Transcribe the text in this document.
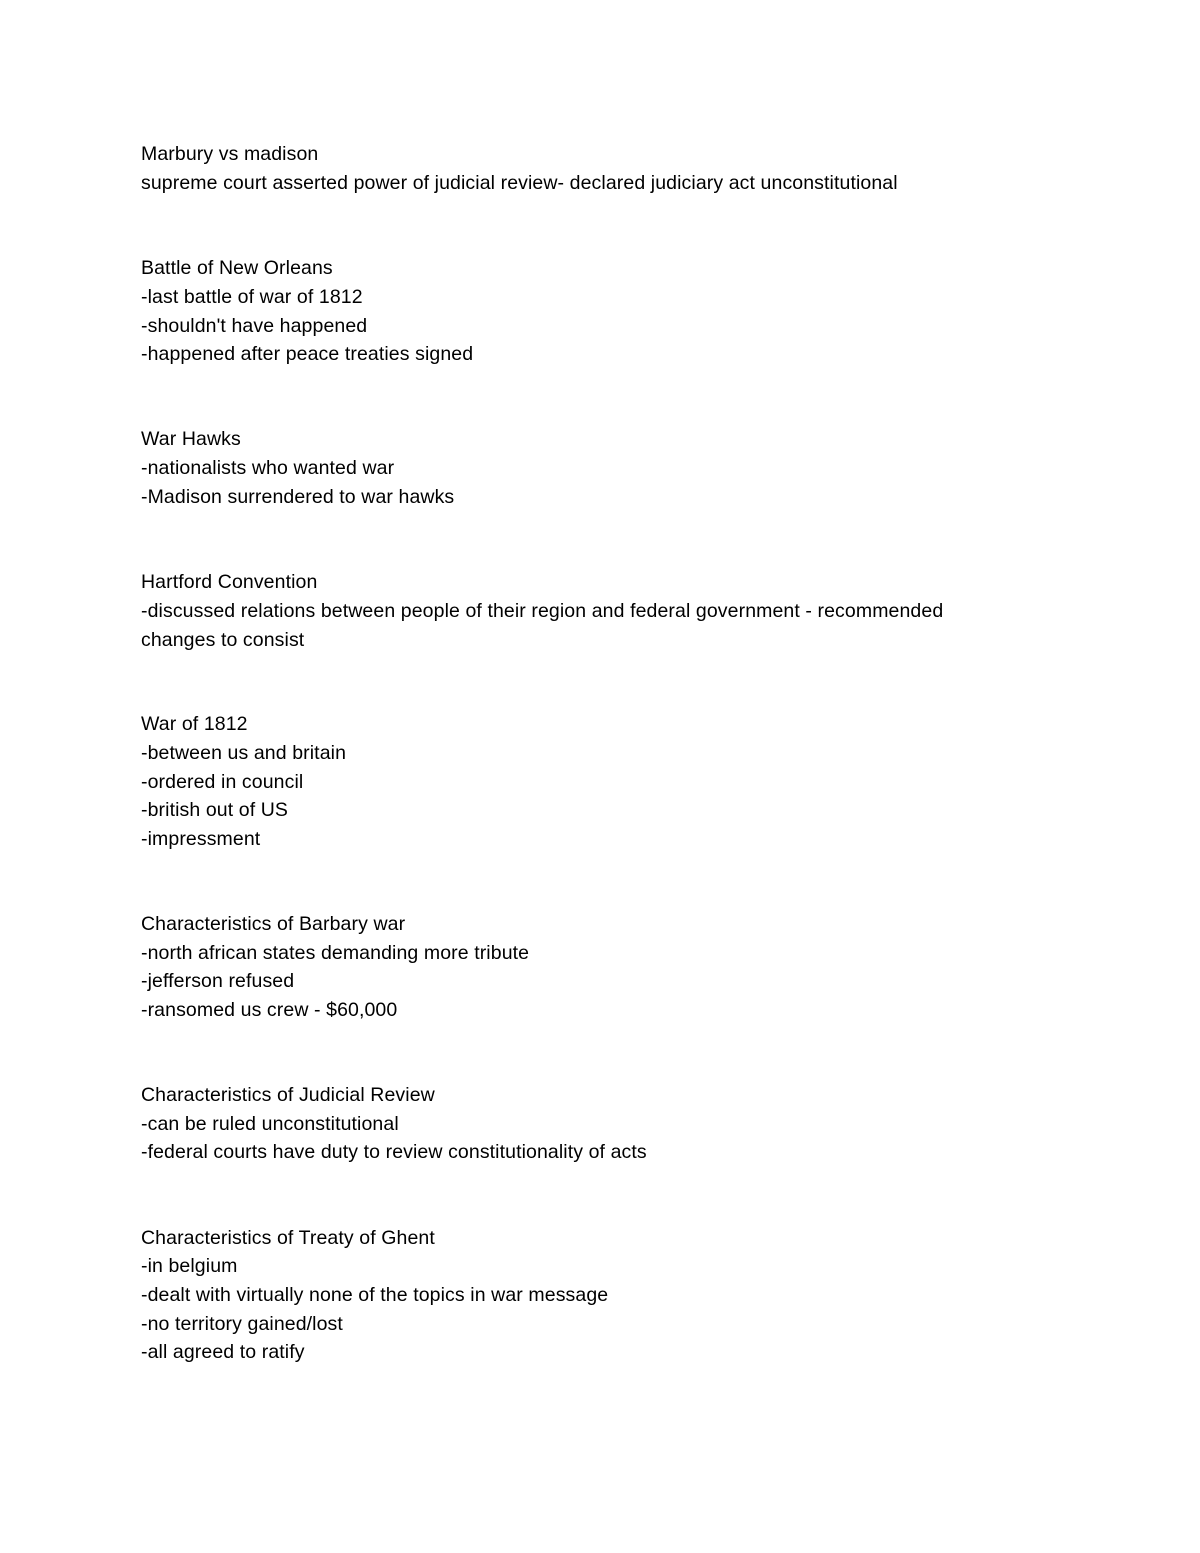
Marbury vs madison
supreme court asserted power of judicial review- declared judiciary act unconstitutional
Battle of New Orleans
-last battle of war of 1812
-shouldn't have happened
-happened after peace treaties signed
War Hawks
-nationalists who wanted war
-Madison surrendered to war hawks
Hartford Convention
-discussed relations between people of their region and federal government - recommended
changes to consist
War of 1812
-between us and britain
-ordered in council
-british out of US
-impressment
Characteristics of Barbary war
-north african states demanding more tribute
-jefferson refused
-ransomed us crew - $60,000
Characteristics of Judicial Review
-can be ruled unconstitutional
-federal courts have duty to review constitutionality of acts
Characteristics of Treaty of Ghent
-in belgium
-dealt with virtually none of the topics in war message
-no territory gained/lost
-all agreed to ratify
